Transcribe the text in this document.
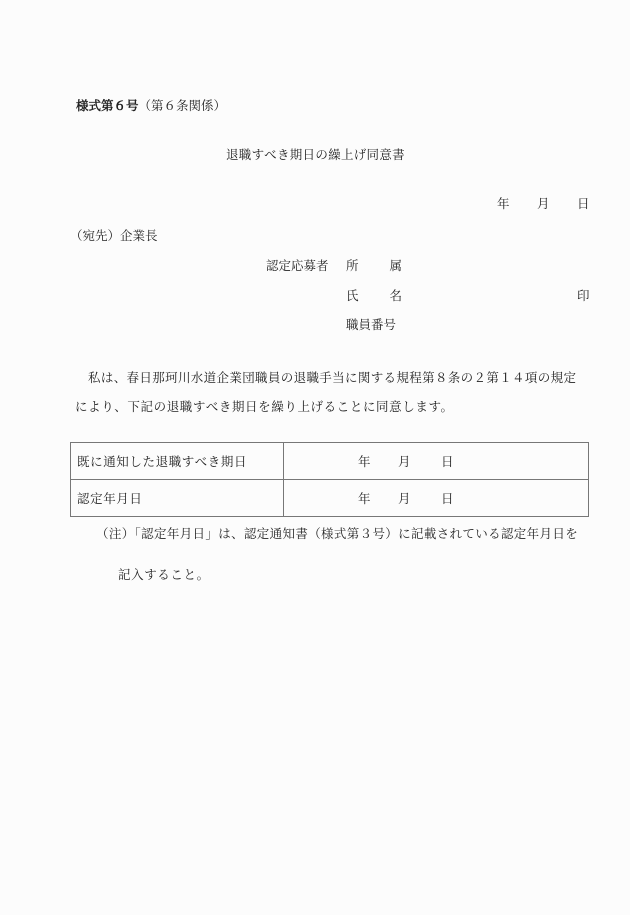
様式第６号（第６条関係）
退職すべき期日の繰上げ同意書
年 月 日
（宛先）企業長
認定応募者 所 属
氏 名	印
職員番号
私は、春日那珂川水道企業団職員の退職手当に関する規程第８条の２第１４項の規定
により、下記の退職すべき期日を繰り上げることに同意します。
既に通知した退職すべき期日	年 月 日

認定年月日	年 月 日
（注）「認定年月日」は、認定通知書（様式第３号）に記載されている認定年月日を
記入すること。
